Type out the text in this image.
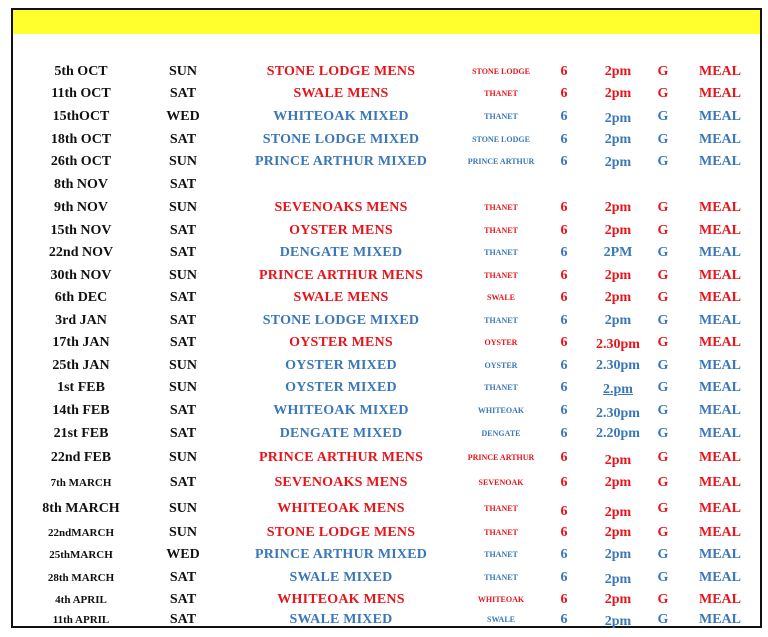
5th OCT	SUN	STONE LODGE MENS	STONE LODGE 6	2pm G MEAL
11th OCT	SAT	SWALE MENS	THANET	6	2pm G MEAL
15thOCT	WED	WHITEOAK MIXED	THANET	6	2pm G MEAL
18th OCT	SAT	STONE LODGE MIXED	STONE LODGE 6	2pm G MEAL
26th OCT	SUN	PRINCE ARTHUR MIXED	PRINCE ARTHUR 6	2pm G MEAL
8th NOV	SAT
9th NOV	SUN	SEVENOAKS MENS	THANET	6	2pm G MEAL
15th NOV	SAT	OYSTER MENS	THANET	6	2pm G MEAL
22nd NOV	SAT	DENGATE MIXED	THANET	6	2PM G MEAL
30th NOV	SUN	PRINCE ARTHUR MENS	THANET	6	2pm G MEAL
6th DEC	SAT	SWALE MENS	SWALE	6	2pm G MEAL
3rd JAN	SAT	STONE LODGE MIXED	THANET	6	2pm G MEAL
17th JAN	SAT	OYSTER MENS	OYSTER	6 2.30pm G MEAL
25th JAN	SUN	OYSTER MIXED	OYSTER	6 2.30pm G MEAL
1st FEB	SUN	OYSTER MIXED	THANET	6	2.pm G MEAL
14th FEB	SAT	WHITEOAK MIXED	WHITEOAK	6 2.30pm G MEAL
21st FEB	SAT	DENGATE MIXED	DENGATE	6 2.20pm G MEAL
22nd FEB	SUN	PRINCE ARTHUR MENS	PRINCE ARTHUR 6	2pm G MEAL
7th MARCH	SAT	SEVENOAKS MENS	SEVENOAK	6	2pm G MEAL
8th MARCH	SUN	WHITEOAK MENS	THANET	6	2pm G MEAL
22ndMARCH	SUN	STONE LODGE MENS	THANET	6	2pm G MEAL
25thMARCH	WED	PRINCE ARTHUR MIXED	THANET	6	2pm G MEAL
28th MARCH	SAT	SWALE MIXED	THANET	6	2pm G MEAL
4th APRIL	SAT	WHITEOAK MENS	WHITEOAK	6	2pm G MEAL
11th APRIL	SAT	SWALE MIXED	SWALE	6	2pm G MEAL
